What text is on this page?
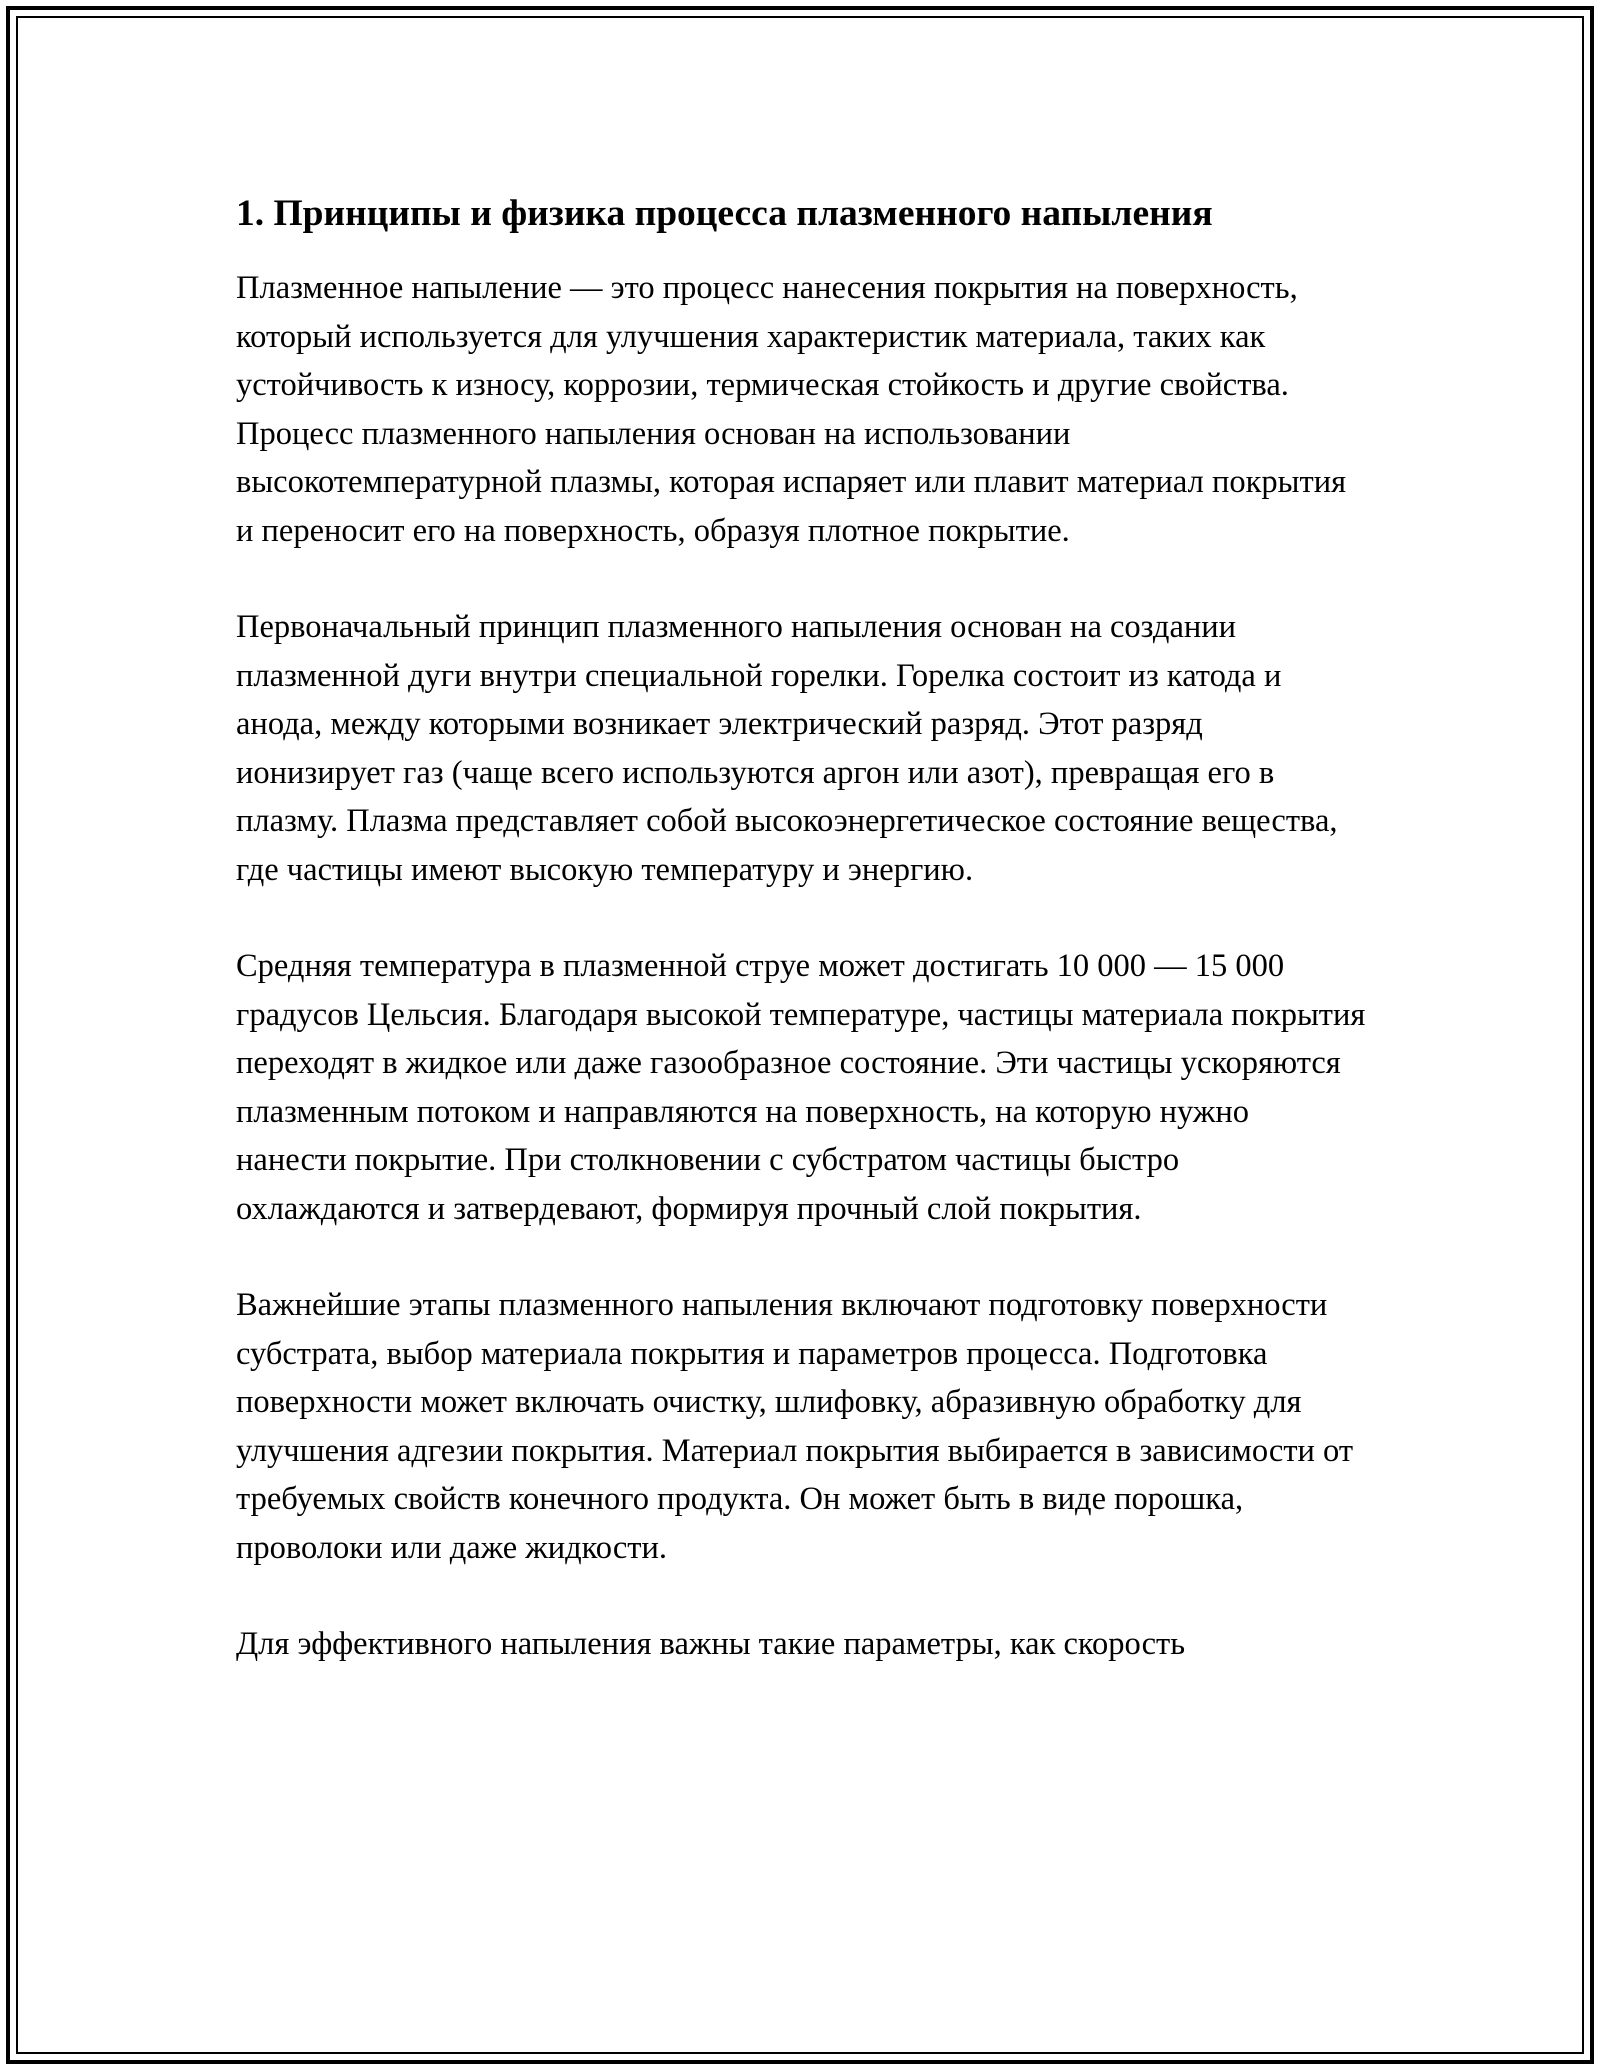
1. Принципы и физика процесса плазменного напыления

Плазменное напыление — это процесс нанесения покрытия на поверхность, который используется для улучшения характеристик материала, таких как устойчивость к износу, коррозии, термическая стойкость и другие свойства. Процесс плазменного напыления основан на использовании высокотемпературной плазмы, которая испаряет или плавит материал покрытия и переносит его на поверхность, образуя плотное покрытие.

Первоначальный принцип плазменного напыления основан на создании плазменной дуги внутри специальной горелки. Горелка состоит из катода и анода, между которыми возникает электрический разряд. Этот разряд ионизирует газ (чаще всего используются аргон или азот), превращая его в плазму. Плазма представляет собой высокоэнергетическое состояние вещества, где частицы имеют высокую температуру и энергию.

Средняя температура в плазменной струе может достигать 10 000 — 15 000 градусов Цельсия. Благодаря высокой температуре, частицы материала покрытия переходят в жидкое или даже газообразное состояние. Эти частицы ускоряются плазменным потоком и направляются на поверхность, на которую нужно нанести покрытие. При столкновении с субстратом частицы быстро охлаждаются и затвердевают, формируя прочный слой покрытия.

Важнейшие этапы плазменного напыления включают подготовку поверхности субстрата, выбор материала покрытия и параметров процесса. Подготовка поверхности может включать очистку, шлифовку, абразивную обработку для улучшения адгезии покрытия. Материал покрытия выбирается в зависимости от требуемых свойств конечного продукта. Он может быть в виде порошка, проволоки или даже жидкости.

Для эффективного напыления важны такие параметры, как скорость
